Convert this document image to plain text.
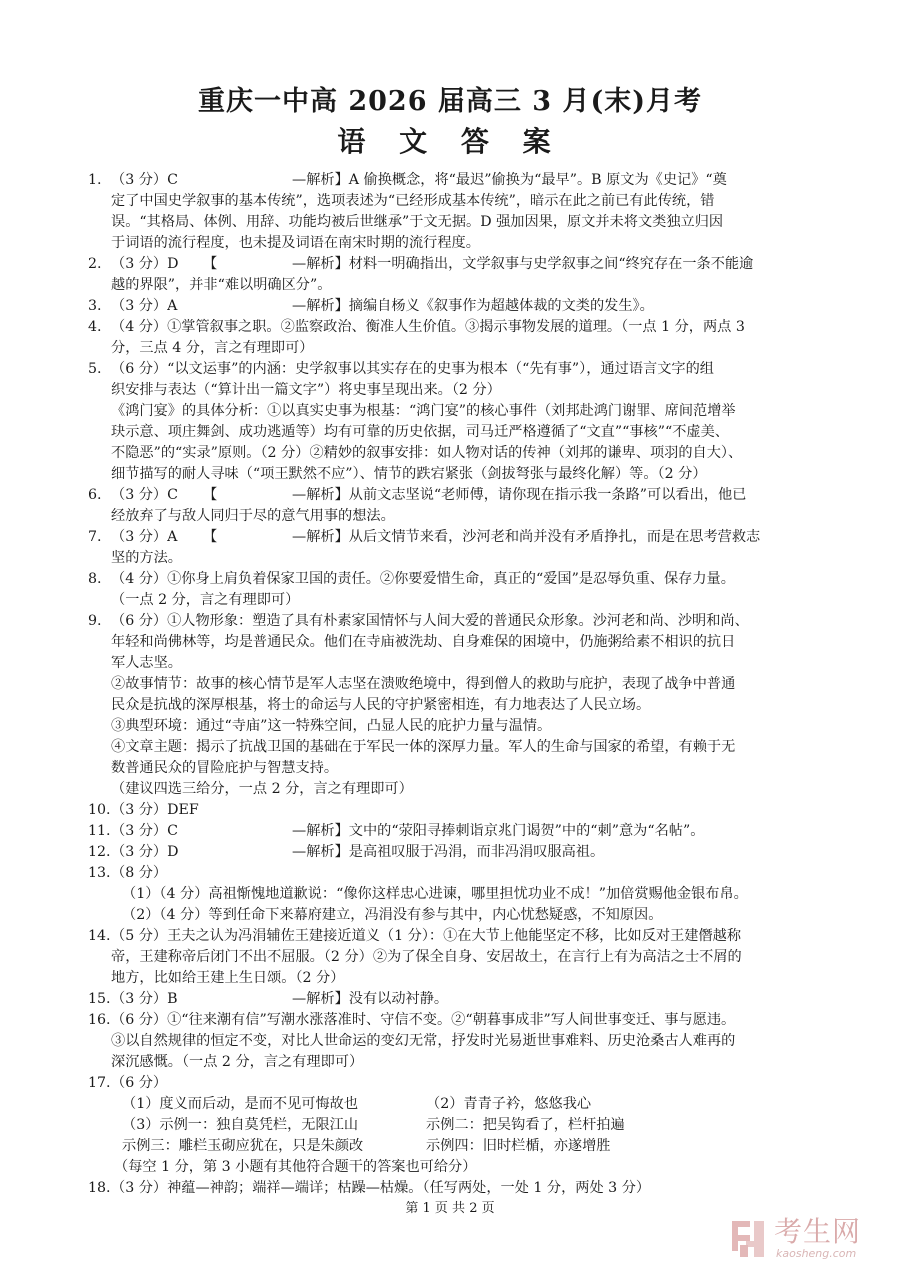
重庆一中高 2026 届高三 3 月(末)月考
语 文 答 案
1. （3 分）C	—解析】A 偷换概念，将“最迟”偷换为“最早”。B 原文为《史记》“奠
定了中国史学叙事的基本传统”，选项表述为“已经形成基本传统”，暗示在此之前已有此传统，错
误。“其格局、体例、用辞、功能均被后世继承”于文无据。D 强加因果，原文并未将文类独立归因
于词语的流行程度，也未提及词语在南宋时期的流行程度。
2. （3 分）D 【	—解析】材料一明确指出，文学叙事与史学叙事之间“终究存在一条不能逾
越的界限”，并非“难以明确区分”。
3. （3 分）A	—解析】摘编自杨义《叙事作为超越体裁的文类的发生》。
4. （4 分）①掌管叙事之职。②监察政治、衡准人生价值。③揭示事物发展的道理。（一点 1 分，两点 3
分，三点 4 分，言之有理即可）
5. （6 分）“以文运事”的内涵：史学叙事以其实存在的史事为根本（“先有事”），通过语言文字的组
织安排与表达（“算计出一篇文字”）将史事呈现出来。（2 分）
《鸿门宴》的具体分析：①以真实史事为根基：“鸿门宴”的核心事件（刘邦赴鸿门谢罪、席间范增举
玦示意、项庄舞剑、成功逃遁等）均有可靠的历史依据，司马迁严格遵循了“文直”“事核”“不虚美、
不隐恶”的“实录”原则。（2 分）②精妙的叙事安排：如人物对话的传神（刘邦的谦卑、项羽的自大）、
细节描写的耐人寻味（“项王默然不应”）、情节的跌宕紧张（剑拔弩张与最终化解）等。（2 分）
6. （3 分）C 【	—解析】从前文志坚说“老师傅，请你现在指示我一条路”可以看出，他已
经放弃了与敌人同归于尽的意气用事的想法。
7. （3 分）A 【	—解析】从后文情节来看，沙河老和尚并没有矛盾挣扎，而是在思考营救志
坚的方法。
8. （4 分）①你身上肩负着保家卫国的责任。②你要爱惜生命，真正的“爱国”是忍辱负重、保存力量。
（一点 2 分，言之有理即可）
9. （6 分）①人物形象：塑造了具有朴素家国情怀与人间大爱的普通民众形象。沙河老和尚、沙明和尚、
年轻和尚佛林等，均是普通民众。他们在寺庙被洗劫、自身难保的困境中，仍施粥给素不相识的抗日
军人志坚。
②故事情节：故事的核心情节是军人志坚在溃败绝境中，得到僧人的救助与庇护，表现了战争中普通
民众是抗战的深厚根基，将士的命运与人民的守护紧密相连，有力地表达了人民立场。
③典型环境：通过“寺庙”这一特殊空间，凸显人民的庇护力量与温情。
④文章主题：揭示了抗战卫国的基础在于军民一体的深厚力量。军人的生命与国家的希望，有赖于无
数普通民众的冒险庇护与智慧支持。
（建议四选三给分，一点 2 分，言之有理即可）
10. （3 分）DEF
11. （3 分）C	—解析】文中的“荥阳寻捧刺诣京兆门谒贺”中的“刺”意为“名帖”。
12. （3 分）D	—解析】是高祖叹服于冯涓，而非冯涓叹服高祖。
13. （8 分）
（1）（4 分）高祖惭愧地道歉说：“像你这样忠心进谏，哪里担忧功业不成！”加倍赏赐他金银布帛。
（2）（4 分）等到任命下来幕府建立，冯涓没有参与其中，内心忧愁疑惑，不知原因。
14. （5 分）王夫之认为冯涓辅佐王建接近道义（1 分）：①在大节上他能坚定不移，比如反对王建僭越称
帝，王建称帝后闭门不出不屈服。（2 分）②为了保全自身、安居故土，在言行上有为高洁之士不屑的
地方，比如给王建上生日颂。（2 分）
15. （3 分）B	—解析】没有以动衬静。
16. （6 分）①“往来潮有信”写潮水涨落准时、守信不变。②“朝暮事成非”写人间世事变迁、事与愿违。
③以自然规律的恒定不变，对比人世命运的变幻无常，抒发时光易逝世事难料、历史沧桑古人难再的
深沉感慨。（一点 2 分，言之有理即可）
17. （6 分）
（1）度义而后动，是而不见可悔故也	（2）青青子衿，悠悠我心
（3）示例一：独自莫凭栏，无限江山	示例二：把吴钩看了，栏杆拍遍
示例三：雕栏玉砌应犹在，只是朱颜改	示例四：旧时栏楯，亦遂增胜
（每空 1 分，第 3 小题有其他符合题干的答案也可给分）
18. （3 分）神蕴—神韵；端祥—端详；枯躁—枯燥。（任写两处，一处 1 分，两处 3 分）
第 1 页 共 2 页
考生网
kaosheng.com
